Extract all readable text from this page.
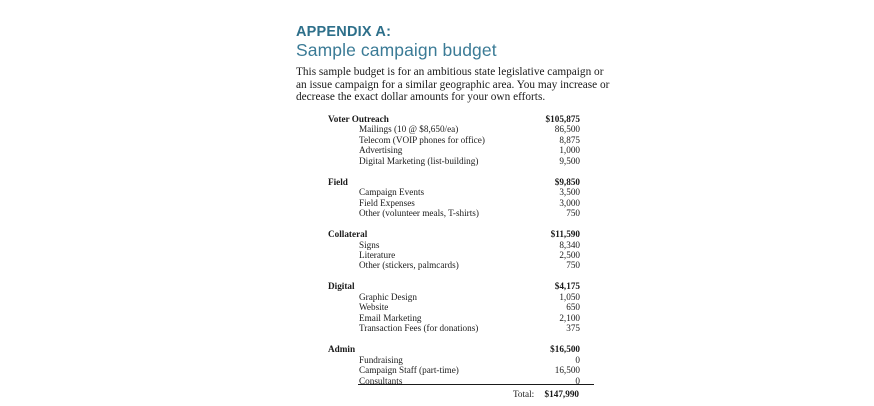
APPENDIX A:
Sample campaign budget
This sample budget is for an ambitious state legislative campaign or
an issue campaign for a similar geographic area. You may increase or
decrease the exact dollar amounts for your own efforts.
Voter Outreach	$105,875
Mailings (10 @ $8,650/ea)	86,500
Telecom (VOIP phones for office)	8,875
Advertising	1,000
Digital Marketing (list-building)	9,500
Field	$9,850
Campaign Events	3,500
Field Expenses	3,000
Other (volunteer meals, T-shirts)	750
Collateral	$11,590
Signs	8,340
Literature	2,500
Other (stickers, palmcards)	750
Digital	$4,175
Graphic Design	1,050
Website	650
Email Marketing	2,100
Transaction Fees (for donations)	375
Admin	$16,500
Fundraising	0
Campaign Staff (part-time)	16,500
Consultants	0
Total: $147,990
